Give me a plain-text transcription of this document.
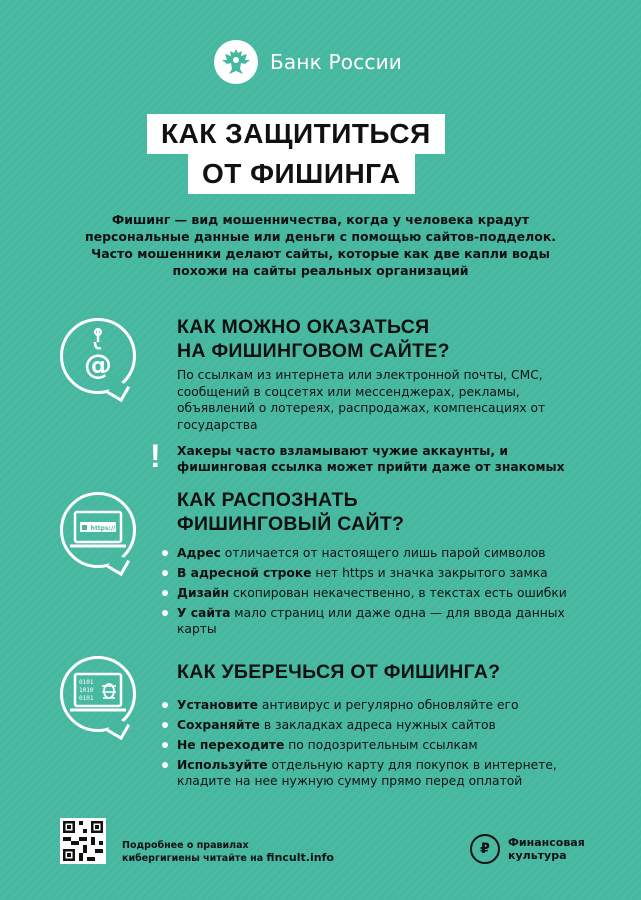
Банк России
КАК ЗАЩИТИТЬСЯ
ОТ ФИШИНГА

Фишинг — вид мошенничества, когда у человека крадут персональные данные или деньги с помощью сайтов-подделок. Часто мошенники делают сайты, которые как две капли воды похожи на сайты реальных организаций

@
КАК МОЖНО ОКАЗАТЬСЯ
НА ФИШИНГОВОМ САЙТЕ?

По ссылкам из интернета или электронной почты, СМС, сообщений в соцсетях или мессенджерах, рекламы, объявлений о лотереях, распродажах, компенсациях от государства

! Хакеры часто взламывают чужие аккаунты, и фишинговая ссылка может прийти даже от знакомых

https://
КАК РАСПОЗНАТЬ
ФИШИНГОВЫЙ САЙТ?
Адрес отличается от настоящего лишь парой символов
В адресной строке нет https и значка закрытого замка
Дизайн скопирован некачественно, в текстах есть ошибки
У сайта мало страниц или даже одна — для ввода данных карты
0101
1010
0101
КАК УБЕРЕЧЬСЯ ОТ ФИШИНГА?
Установите антивирус и регулярно обновляйте его
Сохраняйте в закладках адреса нужных сайтов
Не переходите по подозрительным ссылкам
Используйте отдельную карту для покупок в интернете, кладите на нее нужную сумму прямо перед оплатой
Подробнее о правилах
кибергигиены читайте на fincult.info
₽	Финансовая
культура
